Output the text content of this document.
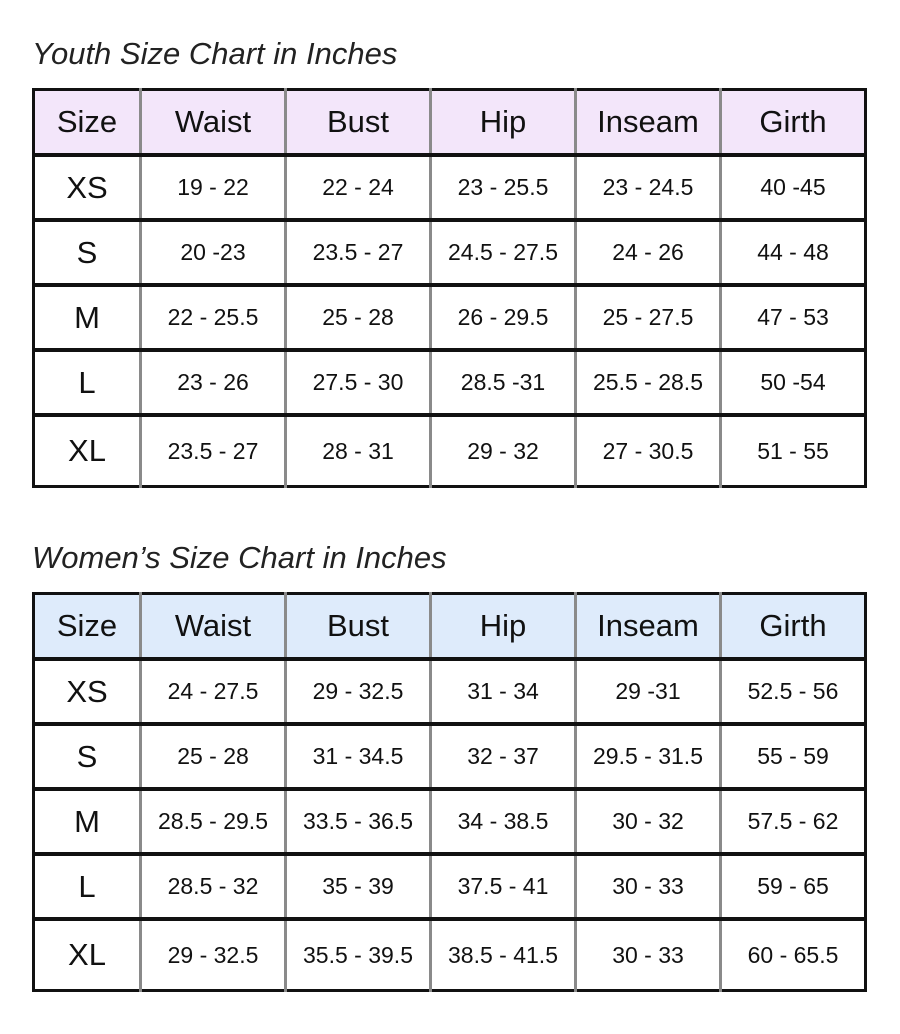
Youth Size Chart in Inches
Size	Waist	Bust	Hip	Inseam	Girth
XS	19 - 22	22 - 24	23 - 25.5	23 - 24.5	40 -45
S	20 -23	23.5 - 27	24.5 - 27.5	24 - 26	44 - 48
M	22 - 25.5	25 - 28	26 - 29.5	25 - 27.5	47 - 53
L	23 - 26	27.5 - 30	28.5 -31	25.5 - 28.5	50 -54
XL	23.5 - 27	28 - 31	29 - 32	27 - 30.5	51 - 55
Women’s Size Chart in Inches
Size	Waist	Bust	Hip	Inseam	Girth
XS	24 - 27.5	29 - 32.5	31 - 34	29 -31	52.5 - 56
S	25 - 28	31 - 34.5	32 - 37	29.5 - 31.5	55 - 59
M	28.5 - 29.5	33.5 - 36.5	34 - 38.5	30 - 32	57.5 - 62
L	28.5 - 32	35 - 39	37.5 - 41	30 - 33	59 - 65
XL	29 - 32.5	35.5 - 39.5	38.5 - 41.5	30 - 33	60 - 65.5
